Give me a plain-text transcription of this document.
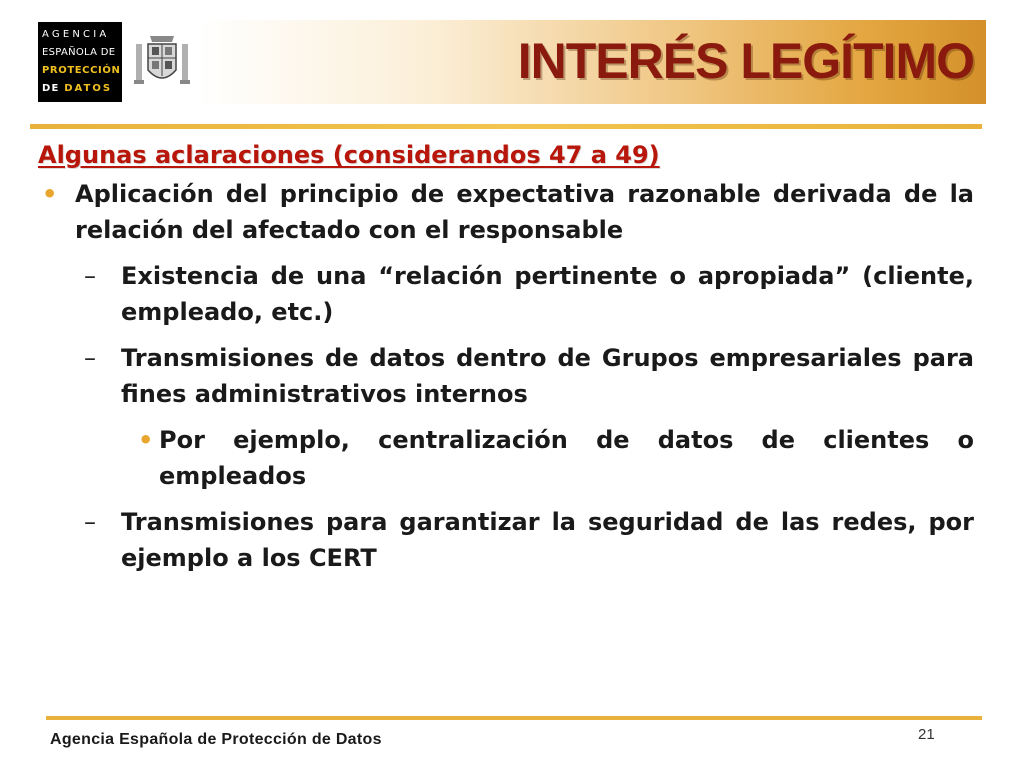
AGENCIA
ESPAÑOLA DE
PROTECCIÓN
DE DATOS	INTERÉS LEGÍTIMO
Algunas aclaraciones (considerandos 47 a 49)
• Aplicación del principio de expectativa razonable derivada de la relación del afectado con el responsable
– Existencia de una “relación pertinente o apropiada” (cliente, empleado, etc.)
– Transmisiones de datos dentro de Grupos empresariales para fines administrativos internos
• Por ejemplo, centralización de datos de clientes o empleados
– Transmisiones para garantizar la seguridad de las redes, por ejemplo a los CERT
Agencia Española de Protección de Datos	21
